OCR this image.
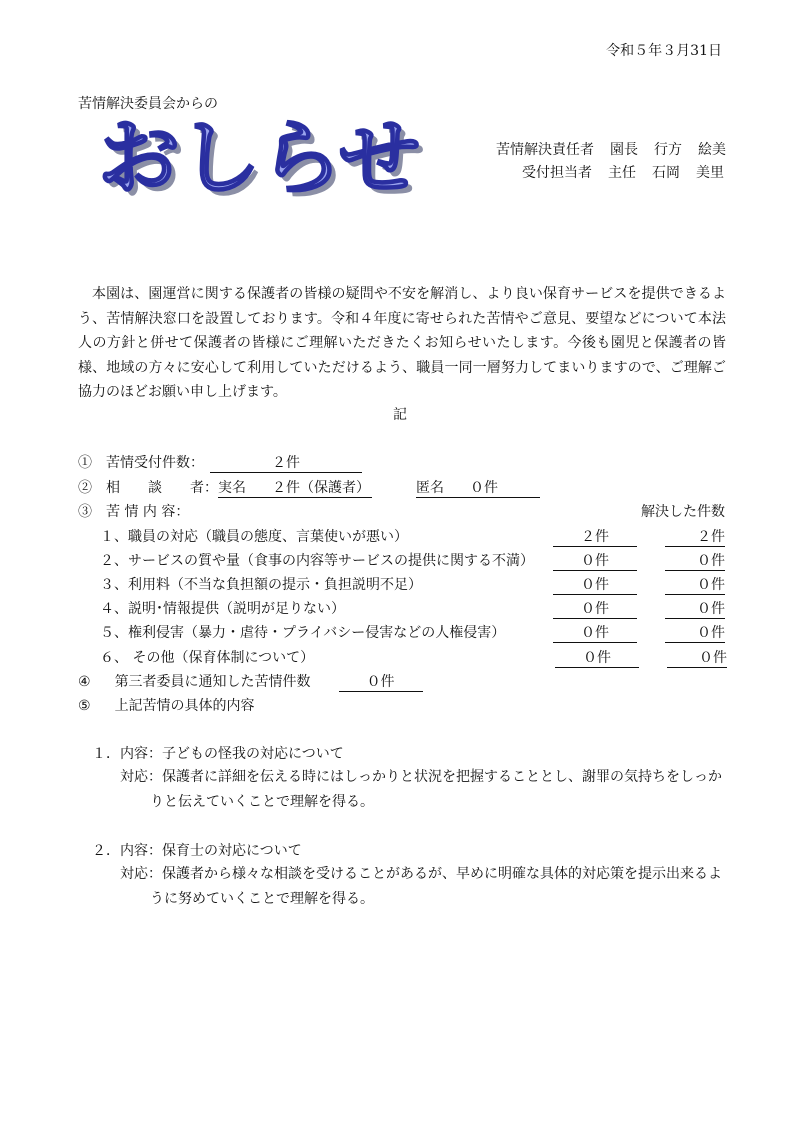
令和５年３月31日
苦情解決委員会からの
おしらせ	苦情解決責任者 園長 行方 絵美
受付担当者 主任 石岡 美里
本園は、園運営に関する保護者の皆様の疑問や不安を解消し、より良い保育サービスを提供できるよう、苦情解決窓口を設置しております。令和４年度に寄せられた苦情やご意見、要望などについて本法人の方針と併せて保護者の皆様にご理解いただきたくお知らせいたします。今後も園児と保護者の皆様、地域の方々に安心して利用していただけるよう、職員一同一層努力してまいりますので、ご理解ご協力のほどお願い申し上げます。
記
①　苦情受付件数：	２件
②　相　　談　　者：実名 ２件（保護者）	匿名 ０件
③　苦 情 内 容：	解決した件数
１、職員の対応（職員の態度、言葉使いが悪い）	２件	２件
２、サービスの質や量（食事の内容等サービスの提供に関する不満）	０件	０件
３、利用料（不当な負担額の提示・負担説明不足）	０件	０件
４、説明･情報提供（説明が足りない）	０件	０件
５、権利侵害（暴力・虐待・プライバシー侵害などの人権侵害）	０件	０件
６、 その他（保育体制について）	０件	０件
④ 第三者委員に通知した苦情件数	０件
⑤ 上記苦情の具体的内容
１．内容：子どもの怪我の対応について
対応：保護者に詳細を伝える時にはしっかりと状況を把握することとし、謝罪の気持ちをしっかりと伝えていくことで理解を得る。
２．内容：保育士の対応について
対応：保護者から様々な相談を受けることがあるが、早めに明確な具体的対応策を提示出来るように努めていくことで理解を得る。
